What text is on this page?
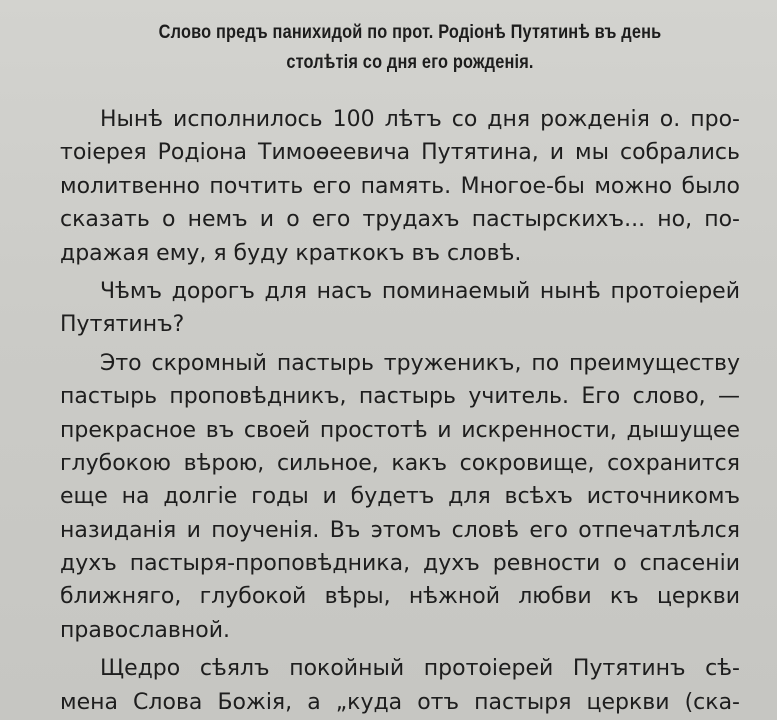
Слово предъ панихидой по прот. Родіонѣ Путятинѣ въ день
столѣтія со дня его рожденія.
Нынѣ исполнилось 100 лѣтъ со дня рожденія о. про-
тоіерея Родіона Тимоѳеевича Путятина, и мы собрались
молитвенно почтить его память. Многое-бы можно было
сказать о немъ и о его трудахъ пастырскихъ... но, по-
дражая ему, я буду краткокъ въ словѣ.
Чѣмъ дорогъ для насъ поминаемый нынѣ протоіерей
Путятинъ?
Это скромный пастырь труженикъ, по преимуществу
пастырь проповѣдникъ, пастырь учитель. Его слово, —
прекрасное въ своей простотѣ и искренности, дышущее
глубокою вѣрою, сильное, какъ сокровище, сохранится
еще на долгіе годы и будетъ для всѣхъ источникомъ
назиданія и поученія. Въ этомъ словѣ его отпечатлѣлся
духъ пастыря-проповѣдника, духъ ревности о спасеніи
ближняго, глубокой вѣры, нѣжной любви къ церкви
православной.
Щедро сѣялъ покойный протоіерей Путятинъ сѣ-
мена Слова Божія, а „куда отъ пастыря церкви (ска-
